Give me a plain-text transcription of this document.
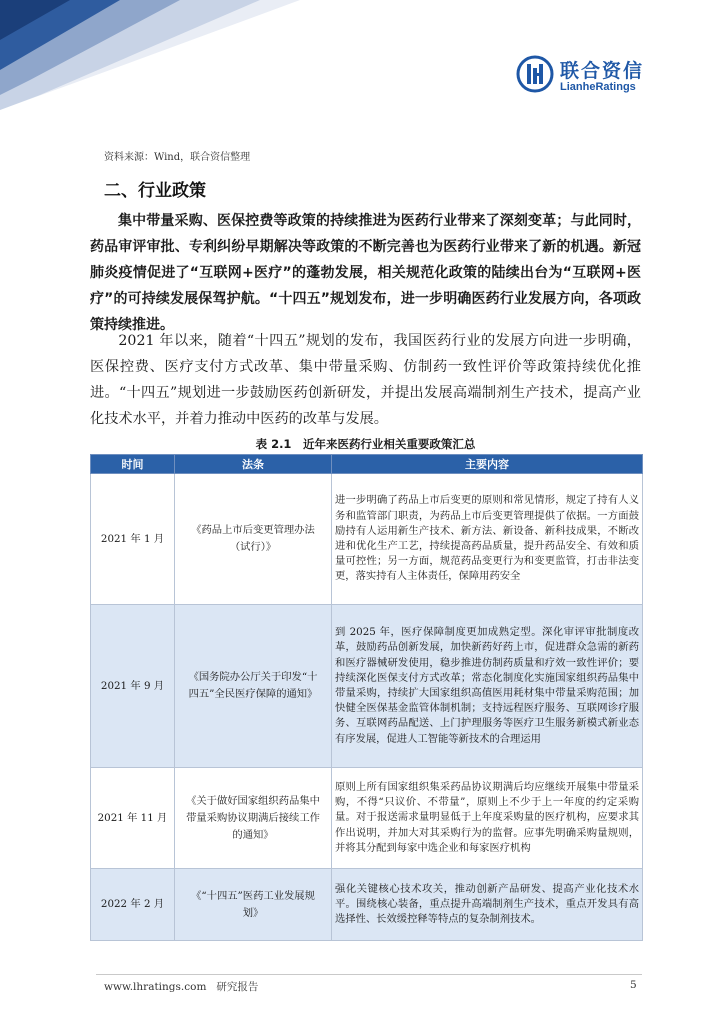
联合资信
LianheRatings
资料来源：Wind，联合资信整理
二、行业政策

集中带量采购、医保控费等政策的持续推进为医药行业带来了深刻变革；与此同时，药品审评审批、专利纠纷早期解决等政策的不断完善也为医药行业带来了新的机遇。新冠肺炎疫情促进了“互联网+医疗”的蓬勃发展，相关规范化政策的陆续出台为“互联网+医疗”的可持续发展保驾护航。“十四五”规划发布，进一步明确医药行业发展方向，各项政策持续推进。

2021 年以来，随着“十四五”规划的发布，我国医药行业的发展方向进一步明确，医保控费、医疗支付方式改革、集中带量采购、仿制药一致性评价等政策持续优化推进。“十四五”规划进一步鼓励医药创新研发，并提出发展高端制剂生产技术，提高产业化技术水平，并着力推动中医药的改革与发展。

表 2.1　近年来医药行业相关重要政策汇总
时间	法条	主要内容
2021 年 1 月	《药品上市后变更管理办法（试行）》	进一步明确了药品上市后变更的原则和常见情形，规定了持有人义务和监管部门职责，为药品上市后变更管理提供了依据。一方面鼓励持有人运用新生产技术、新方法、新设备、新科技成果，不断改进和优化生产工艺，持续提高药品质量，提升药品安全、有效和质量可控性；另一方面，规范药品变更行为和变更监管，打击非法变更，落实持有人主体责任，保障用药安全
2021 年 9 月	《国务院办公厅关于印发“十四五”全民医疗保障的通知》	到 2025 年，医疗保障制度更加成熟定型。深化审评审批制度改革，鼓励药品创新发展，加快新药好药上市，促进群众急需的新药和医疗器械研发使用，稳步推进仿制药质量和疗效一致性评价；要持续深化医保支付方式改革；常态化制度化实施国家组织药品集中带量采购，持续扩大国家组织高值医用耗材集中带量采购范围；加快健全医保基金监管体制机制；支持远程医疗服务、互联网诊疗服务、互联网药品配送、上门护理服务等医疗卫生服务新模式新业态有序发展，促进人工智能等新技术的合理运用
2021 年 11 月	《关于做好国家组织药品集中带量采购协议期满后接续工作的通知》	原则上所有国家组织集采药品协议期满后均应继续开展集中带量采购，不得“只议价、不带量”，原则上不少于上一年度的约定采购量。对于报送需求量明显低于上年度采购量的医疗机构，应要求其作出说明，并加大对其采购行为的监督。应事先明确采购量规则，并将其分配到每家中选企业和每家医疗机构
2022 年 2 月	《“十四五”医药工业发展规划》	强化关键核心技术攻关，推动创新产品研发、提高产业化技术水平。围绕核心装备，重点提升高端制剂生产技术，重点开发具有高选择性、长效缓控释等特点的复杂制剂技术。
www.lhratings.com 研究报告	5
